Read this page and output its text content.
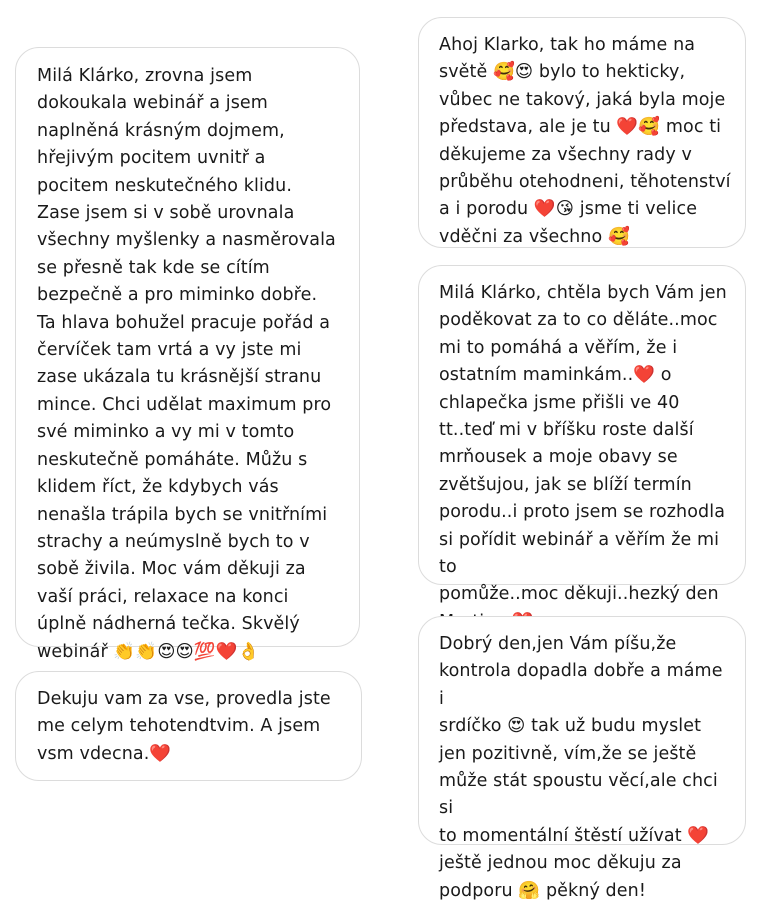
Milá Klárko, zrovna jsem
dokoukala webinář a jsem
naplněná krásným dojmem,
hřejivým pocitem uvnitř a
pocitem neskutečného klidu.
Zase jsem si v sobě urovnala
všechny myšlenky a nasměrovala
se přesně tak kde se cítím
bezpečně a pro miminko dobře.
Ta hlava bohužel pracuje pořád a
červíček tam vrtá a vy jste mi
zase ukázala tu krásnější stranu
mince. Chci udělat maximum pro
své miminko a vy mi v tomto
neskutečně pomáháte. Můžu s
klidem říct, že kdybych vás
nenašla trápila bych se vnitřními
strachy a neúmyslně bych to v
sobě živila. Moc vám děkuji za
vaší práci, relaxace na konci
úplně nádherná tečka. Skvělý
webinář 👏👏😍😍💯❤️👌
Dekuju vam za vse, provedla jste
me celym tehotendtvim. A jsem
vsm vdecna.❤️
Ahoj Klarko, tak ho máme na
světě 🥰😍 bylo to hekticky,
vůbec ne takový, jaká byla moje
představa, ale je tu ❤️🥰 moc ti
děkujeme za všechny rady v
průběhu otehodneni, těhotenství
a i porodu ❤️😘 jsme ti velice
vděčni za všechno 🥰
Milá Klárko, chtěla bych Vám jen
poděkovat za to co děláte..moc
mi to pomáhá a věřím, že i
ostatním maminkám..❤️ o
chlapečka jsme přišli ve 40
tt..teď mi v bříšku roste další
mrňousek a moje obavy se
zvětšujou, jak se blíží termín
porodu..i proto jsem se rozhodla
si pořídit webinář a věřím že mi to
pomůže..moc děkuji..hezký den

Dobrý den,jen Vám píšu,že
kontrola dopadla dobře a máme i
srdíčko 😍 tak už budu myslet
jen pozitivně, vím,že se ještě
může stát spoustu věcí,ale chci si
to momentální štěstí užívat ❤️
ještě jednou moc děkuju za
podporu 🤗 pěkný den!
